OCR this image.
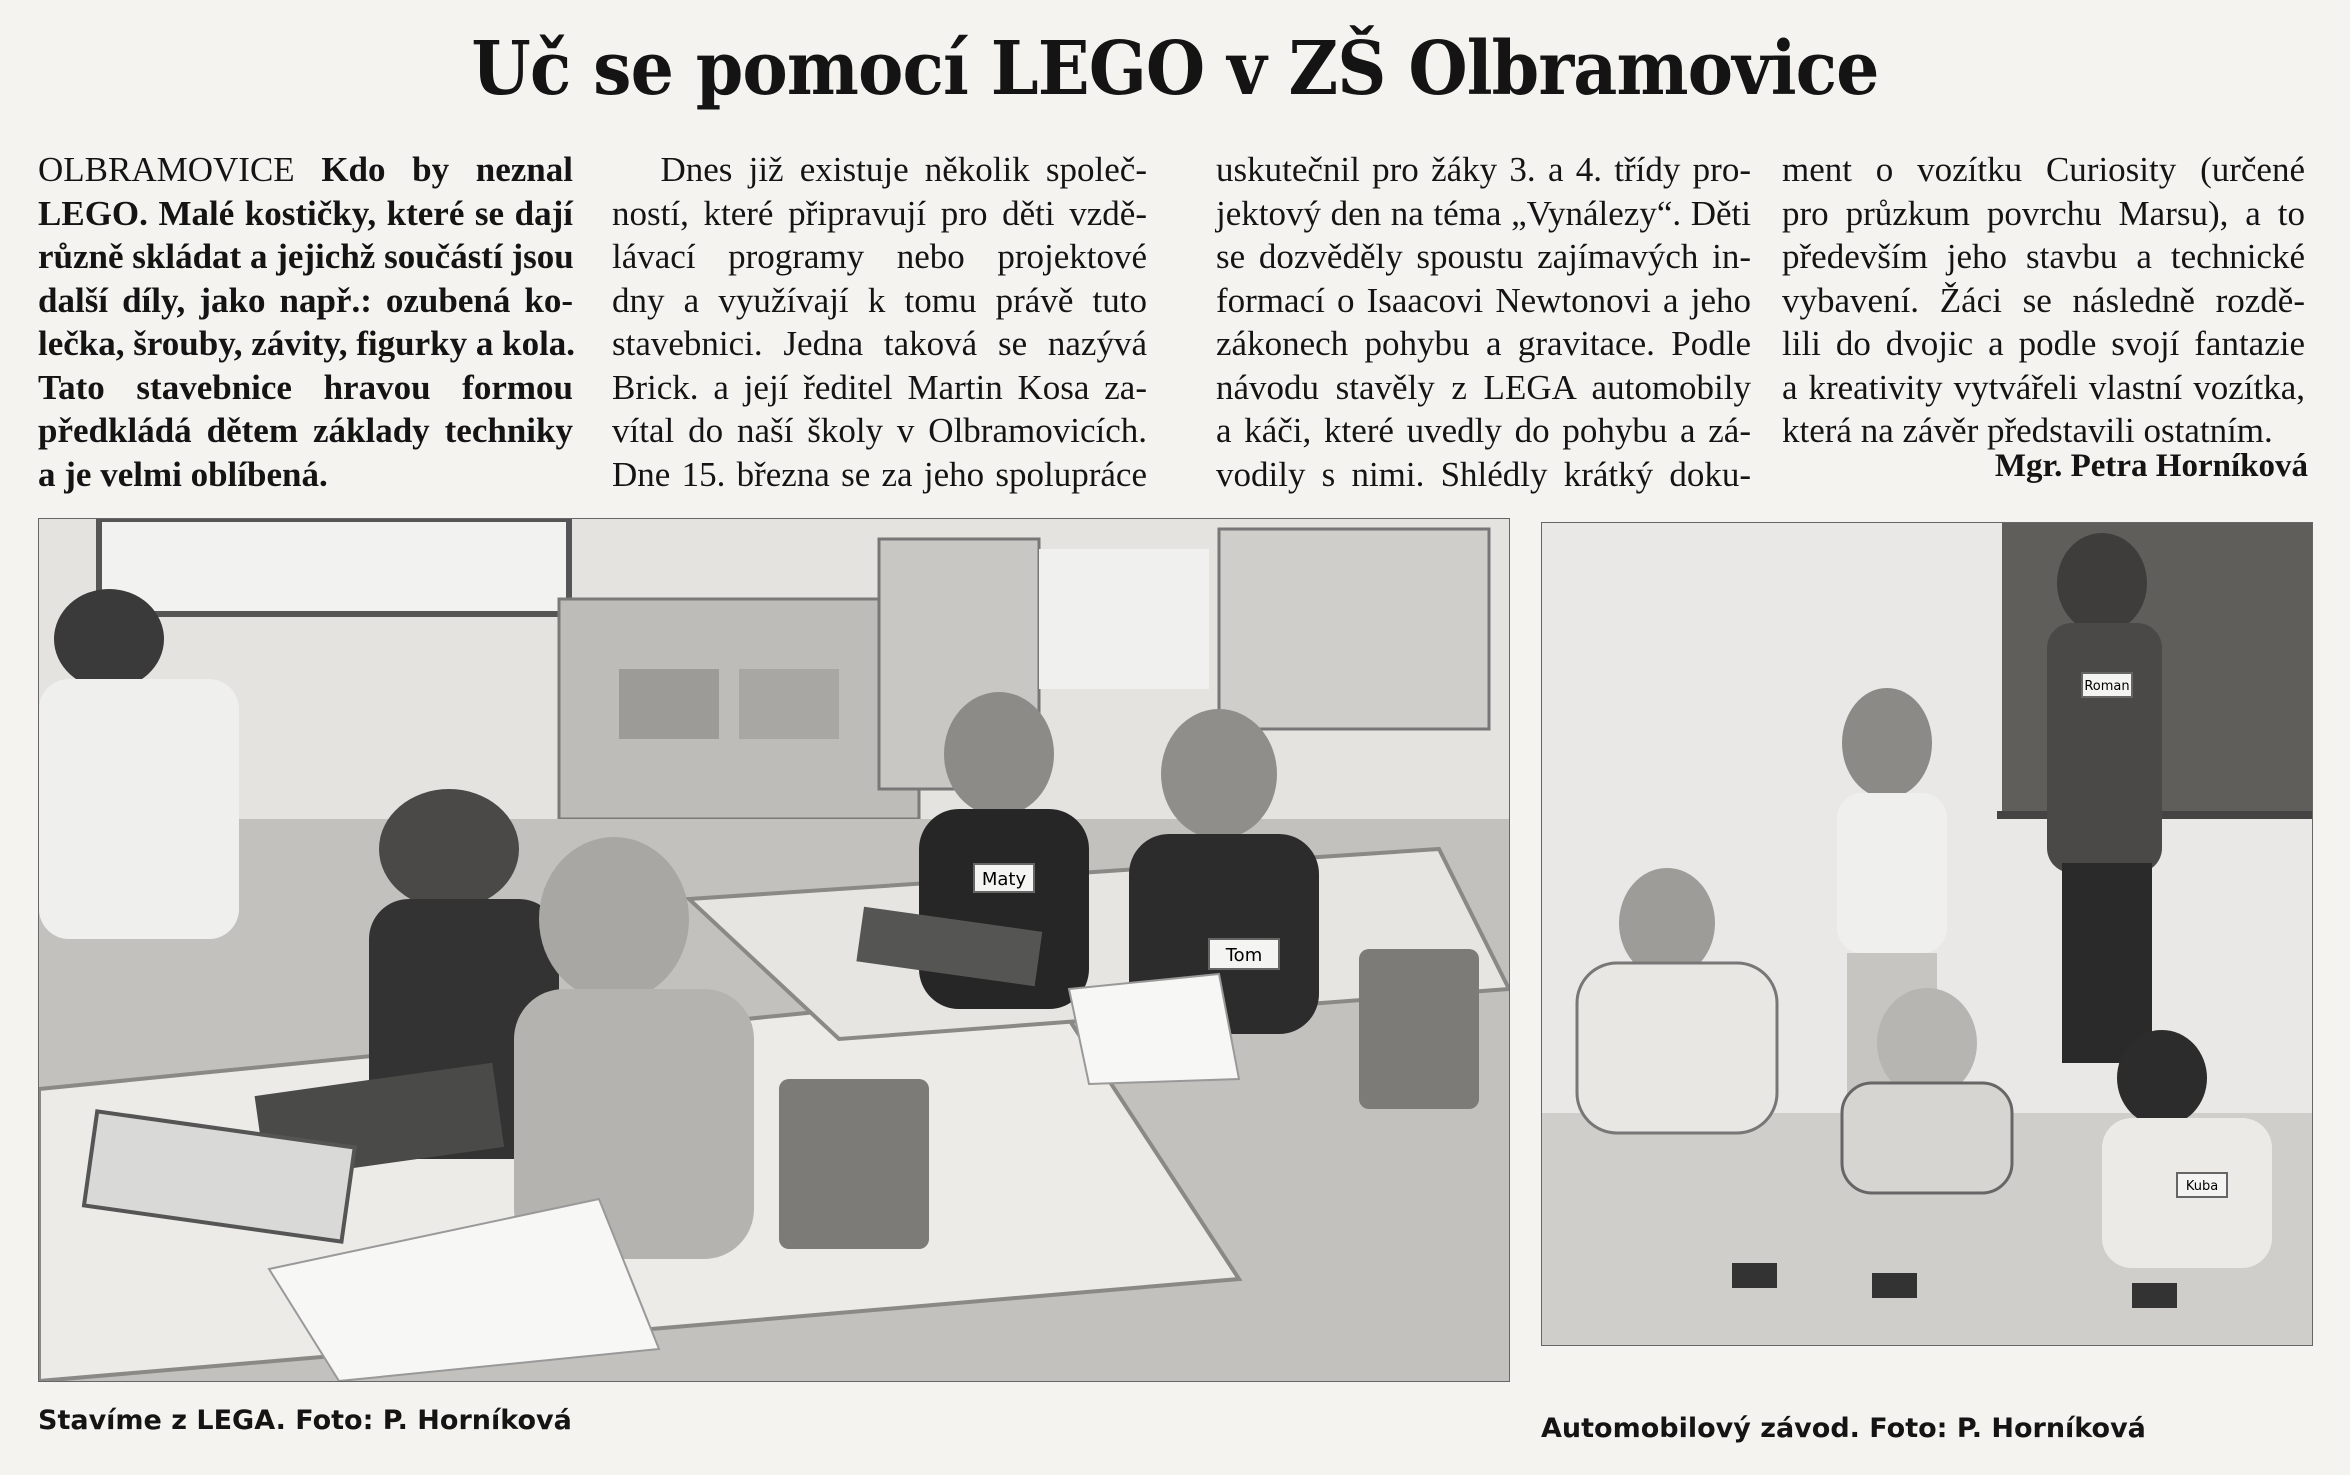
Uč se pomocí LEGO v ZŠ Olbramovice
OLBRAMOVICE Kdo by neznal
LEGO. Malé kostičky, které se dají
různě skládat a jejichž součástí jsou
další díly, jako např.: ozubená ko-
lečka, šrouby, závity, figurky a kola.
Tato stavebnice hravou formou
předkládá dětem základy techniky
a je velmi oblíbená.
Dnes již existuje několik společ-
ností, které připravují pro děti vzdě-
lávací programy nebo projektové
dny a využívají k tomu právě tuto
stavebnici. Jedna taková se nazývá
Brick. a její ředitel Martin Kosa za-
vítal do naší školy v Olbramovicích.
Dne 15. března se za jeho spolupráce
uskutečnil pro žáky 3. a 4. třídy pro-
jektový den na téma „Vynálezy“. Děti
se dozvěděly spoustu zajímavých in-
formací o Isaacovi Newtonovi a jeho
zákonech pohybu a gravitace. Podle
návodu stavěly z LEGA automobily
a káči, které uvedly do pohybu a zá-
vodily s nimi. Shlédly krátký doku-
ment o vozítku Curiosity (určené
pro průzkum povrchu Marsu), a to
především jeho stavbu a technické
vybavení. Žáci se následně rozdě-
lili do dvojic a podle svojí fantazie
a kreativity vytvářeli vlastní vozítka,
která na závěr představili ostatním.
Mgr. Petra Horníková
Maty
Tom
Stavíme z LEGA. Foto: P. Horníková
Roman
Kuba
Automobilový závod. Foto: P. Horníková
